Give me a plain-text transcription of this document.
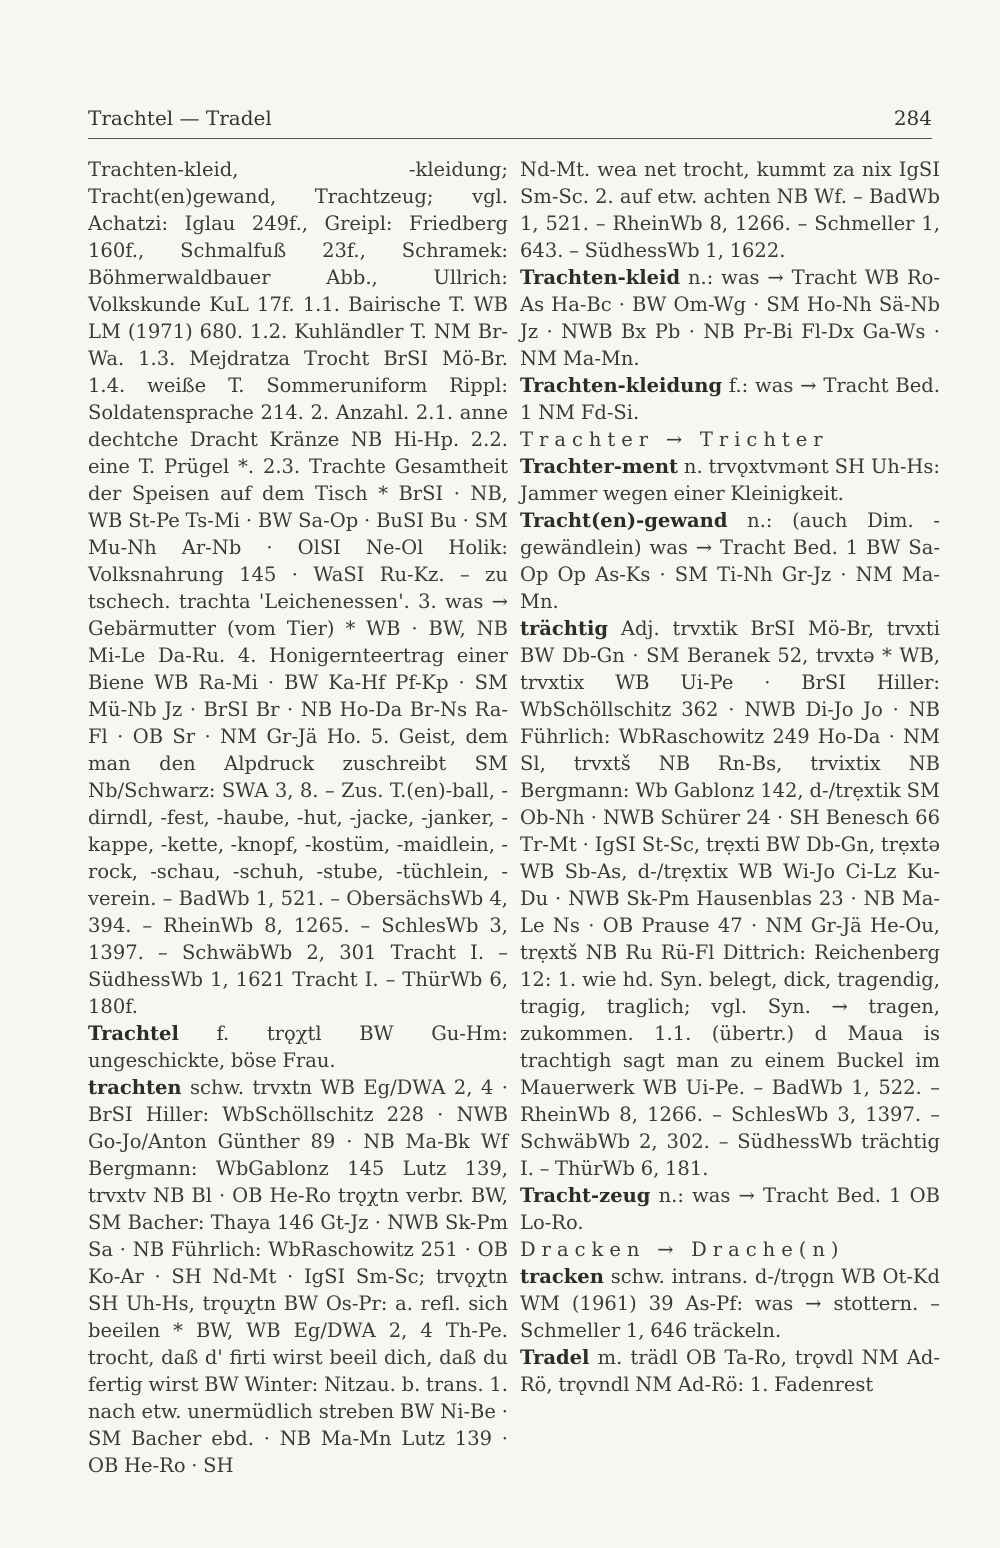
Trachtel — Tradel	284

Trachten-kleid, -kleidung; Tracht(en)gewand, Trachtzeug; vgl. Achatzi: Iglau 249f., Greipl: Friedberg 160f., Schmalfuß 23f., Schramek: Böhmerwaldbauer Abb., Ullrich: Volkskunde KuL 17f. 1.1. Bairische T. WB LM (1971) 680. 1.2. Kuhländler T. NM Br-Wa. 1.3. Mejdratza Trocht BrSI Mö-Br. 1.4. weiße T. Sommeruniform Rippl: Soldatensprache 214. 2. Anzahl. 2.1. anne dechtche Dracht Kränze NB Hi-Hp. 2.2. eine T. Prügel *. 2.3. Trachte Gesamtheit der Speisen auf dem Tisch * BrSI · NB, WB St-Pe Ts-Mi · BW Sa-Op · BuSI Bu · SM Mu-Nh Ar-Nb · OlSI Ne-Ol Holik: Volksnahrung 145 · WaSI Ru-Kz. – zu tschech. trachta 'Leichenessen'. 3. was → Gebärmutter (vom Tier) * WB · BW, NB Mi-Le Da-Ru. 4. Honigernteertrag einer Biene WB Ra-Mi · BW Ka-Hf Pf-Kp · SM Mü-Nb Jz · BrSI Br · NB Ho-Da Br-Ns Ra-Fl · OB Sr · NM Gr-Jä Ho. 5. Geist, dem man den Alpdruck zuschreibt SM Nb/Schwarz: SWA 3, 8. – Zus. T.(en)-ball, -dirndl, -fest, -haube, -hut, -jacke, -janker, -kappe, -kette, -knopf, -kostüm, -maidlein, -rock, -schau, -schuh, -stube, -tüchlein, -verein. – BadWb 1, 521. – ObersächsWb 4, 394. – RheinWb 8, 1265. – SchlesWb 3, 1397. – SchwäbWb 2, 301 Tracht I. – SüdhessWb 1, 1621 Tracht I. – ThürWb 6, 180f.

Trachtel f. trǫχtl BW Gu-Hm: ungeschickte, böse Frau.

trachten schw. trvxtn WB Eg/DWA 2, 4 · BrSI Hiller: WbSchöllschitz 228 · NWB Go-Jo/Anton Günther 89 · NB Ma-Bk Wf Bergmann: WbGablonz 145 Lutz 139, trvxtv NB Bl · OB He-Ro trǫχtn verbr. BW, SM Bacher: Thaya 146 Gt-Jz · NWB Sk-Pm Sa · NB Führlich: WbRaschowitz 251 · OB Ko-Ar · SH Nd-Mt · IgSI Sm-Sc; trvǫχtn SH Uh-Hs, trǫuχtn BW Os-Pr: a. refl. sich beeilen * BW, WB Eg/DWA 2, 4 Th-Pe. trocht, daß d' firti wirst beeil dich, daß du fertig wirst BW Winter: Nitzau. b. trans. 1. nach etw. unermüdlich streben BW Ni-Be · SM Bacher ebd. · NB Ma-Mn Lutz 139 · OB He-Ro · SH

Nd-Mt. wea net trocht, kummt za nix IgSI Sm-Sc. 2. auf etw. achten NB Wf. – BadWb 1, 521. – RheinWb 8, 1266. – Schmeller 1, 643. – SüdhessWb 1, 1622.

Trachten-kleid n.: was → Tracht WB Ro-As Ha-Bc · BW Om-Wg · SM Ho-Nh Sä-Nb Jz · NWB Bx Pb · NB Pr-Bi Fl-Dx Ga-Ws · NM Ma-Mn.

Trachten-kleidung f.: was → Tracht Bed. 1 NM Fd-Si.

Trachter → Trichter

Trachter-ment n. trvǫxtvmənt SH Uh-Hs: Jammer wegen einer Kleinigkeit.

Tracht(en)-gewand n.: (auch Dim. -gewändlein) was → Tracht Bed. 1 BW Sa-Op Op As-Ks · SM Ti-Nh Gr-Jz · NM Ma-Mn.

trächtig Adj. trvxtik BrSI Mö-Br, trvxti BW Db-Gn · SM Beranek 52, trvxtə * WB, trvxtix WB Ui-Pe · BrSI Hiller: WbSchöllschitz 362 · NWB Di-Jo Jo · NB Führlich: WbRaschowitz 249 Ho-Da · NM Sl, trvxtš NB Rn-Bs, trvixtix NB Bergmann: Wb Gablonz 142, d-/trẹxtik SM Ob-Nh · NWB Schürer 24 · SH Benesch 66 Tr-Mt · IgSI St-Sc, trẹxti BW Db-Gn, trẹxtə WB Sb-As, d-/trẹxtix WB Wi-Jo Ci-Lz Ku-Du · NWB Sk-Pm Hausenblas 23 · NB Ma-Le Ns · OB Prause 47 · NM Gr-Jä He-Ou, trẹxtš NB Ru Rü-Fl Dittrich: Reichenberg 12: 1. wie hd. Syn. belegt, dick, tragendig, tragig, traglich; vgl. Syn. → tragen, zukommen. 1.1. (übertr.) d Maua is trachtigh sagt man zu einem Buckel im Mauerwerk WB Ui-Pe. – BadWb 1, 522. – RheinWb 8, 1266. – SchlesWb 3, 1397. – SchwäbWb 2, 302. – SüdhessWb trächtig I. – ThürWb 6, 181.

Tracht-zeug n.: was → Tracht Bed. 1 OB Lo-Ro.

Dracken → Drache(n)

tracken schw. intrans. d-/trǫgn WB Ot-Kd WM (1961) 39 As-Pf: was → stottern. – Schmeller 1, 646 träckeln.

Tradel m. trädl OB Ta-Ro, trǫvdl NM Ad-Rö, trǫvndl NM Ad-Rö: 1. Fadenrest
